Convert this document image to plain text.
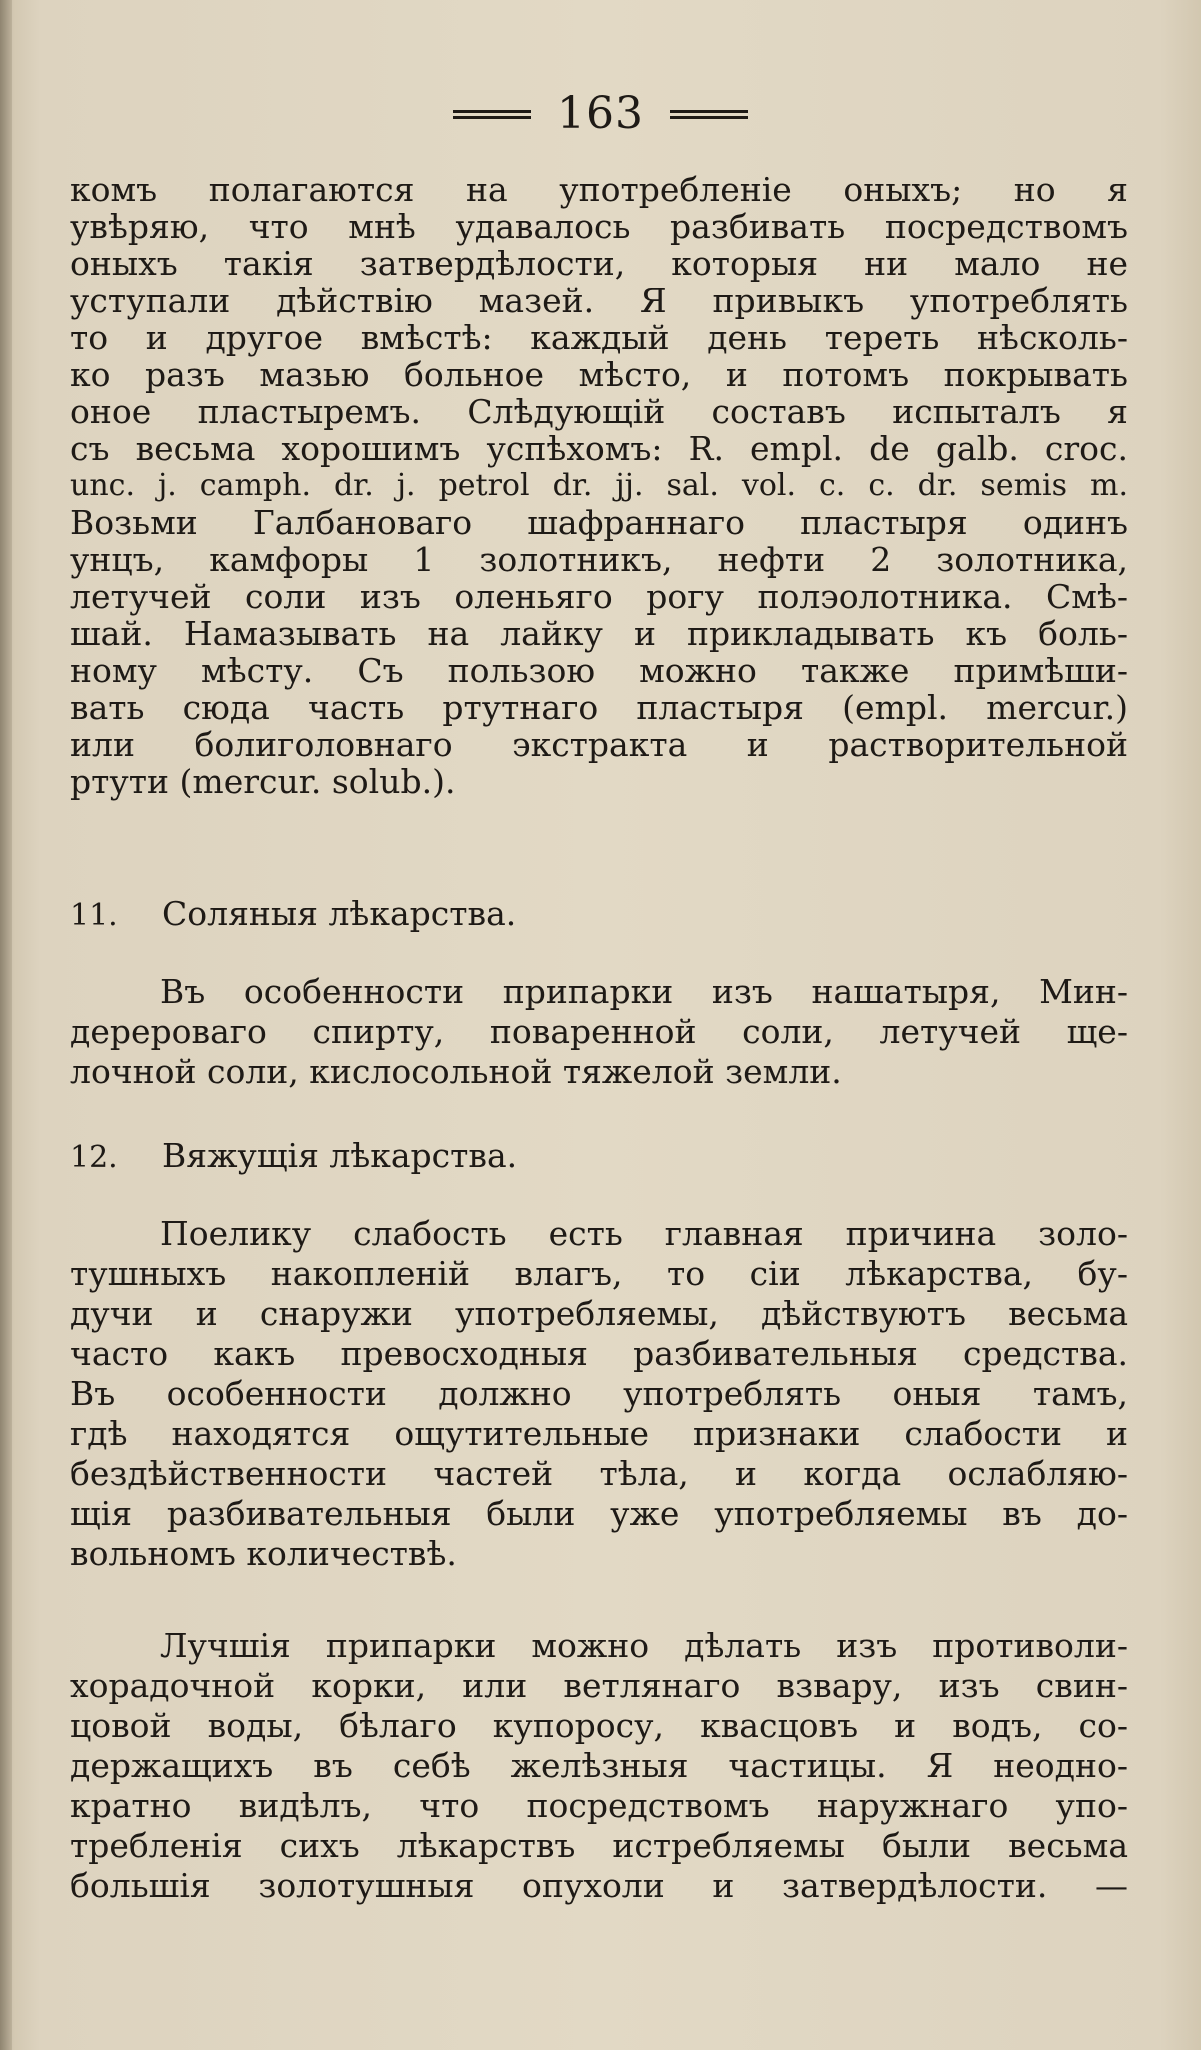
163
комъ полагаются на употребленіе оныхъ; но я
увѣряю, что мнѣ удавалось разбивать посредствомъ
оныхъ такія затвердѣлости, которыя ни мало не
уступали дѣйствію мазей. Я привыкъ употреблять
то и другое вмѣстѣ: каждый день тереть нѣсколь-
ко разъ мазью больное мѣсто, и потомъ покрывать
оное пластыремъ. Слѣдующій составъ испыталъ я
съ весьма хорошимъ успѣхомъ: R. empl. de galb. croc.
unc. j. camph. dr. j. petrol dr. jj. sal. vol. c. c. dr. semis m.
Возьми Галбановаго шафраннаго пластыря одинъ
унцъ, камфоры 1 золотникъ, нефти 2 золотника,
летучей соли изъ оленьяго рогу полэолотника. Смѣ-
шай. Намазывать на лайку и прикладывать къ боль-
ному мѣсту. Съ пользою можно также примѣши-
вать сюда часть ртутнаго пластыря (empl. mercur.)
или болиголовнаго экстракта и растворительной
ртути (mercur. solub.).
11. Соляныя лѣкарства.
Въ особенности припарки изъ нашатыря, Мин-
дерероваго спирту, поваренной соли, летучей ще-
лочной соли, кислосольной тяжелой земли.
12. Вяжущія лѣкарства.
Поелику слабость есть главная причина золо-
тушныхъ накопленій влагъ, то сіи лѣкарства, бу-
дучи и снаружи употребляемы, дѣйствуютъ весьма
часто какъ превосходныя разбивательныя средства.
Въ особенности должно употреблять оныя тамъ,
гдѣ находятся ощутительные признаки слабости и
бездѣйственности частей тѣла, и когда ослабляю-
щія разбивательныя были уже употребляемы въ до-
вольномъ количествѣ.
Лучшія припарки можно дѣлать изъ противоли-
хорадочной корки, или ветлянаго взвару, изъ свин-
цовой воды, бѣлаго купоросу, квасцовъ и водъ, со-
держащихъ въ себѣ желѣзныя частицы. Я неодно-
кратно видѣлъ, что посредствомъ наружнаго упо-
требленія сихъ лѣкарствъ истребляемы были весьма
большія золотушныя опухоли и затвердѣлости. —
